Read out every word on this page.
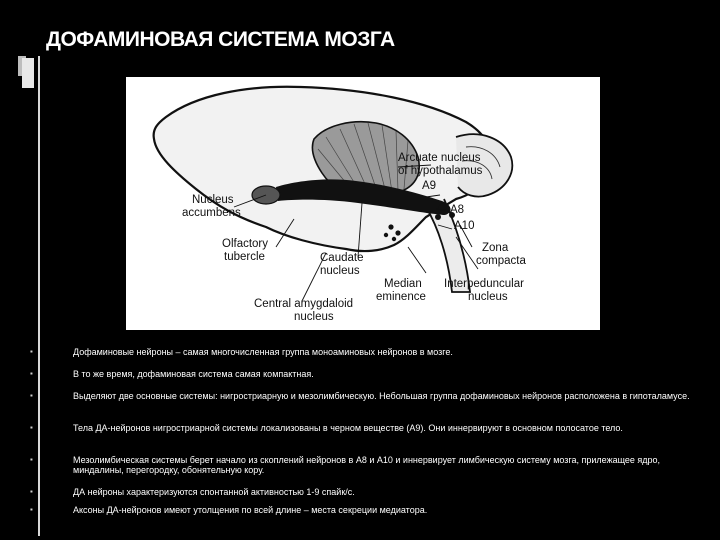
ДОФАМИНОВАЯ СИСТЕМА МОЗГА
Arcuate nucleus
of hypothalamus
A9
A8
A10
Nucleus
accumbens
Olfactory
tubercle	Caudate
nucleus
Zona
compacta
Median
eminence
Interpeduncular
nucleus
Central amygdaloid
nucleus
▪	Дофаминовые нейроны – самая многочисленная группа моноаминовых нейронов в мозге.
▪	В то же время, дофаминовая система самая компактная.
▪	Выделяют две основные системы: нигростриарную и мезолимбическую. Небольшая группа дофаминовых нейронов расположена в гипоталамусе.
▪	Тела ДА-нейронов нигростриарной системы локализованы в черном веществе (А9). Они иннервируют в основном полосатое тело.
▪	Мезолимбическая системы берет начало из скоплений нейронов в А8 и А10 и иннервирует лимбическую систему мозга, прилежащее ядро, миндалины, перегородку, обонятельную кору.
▪	ДА нейроны характеризуются спонтанной активностью 1-9 спайк/с.
▪	Аксоны ДА-нейронов имеют утолщения по всей длине – места секреции медиатора.
